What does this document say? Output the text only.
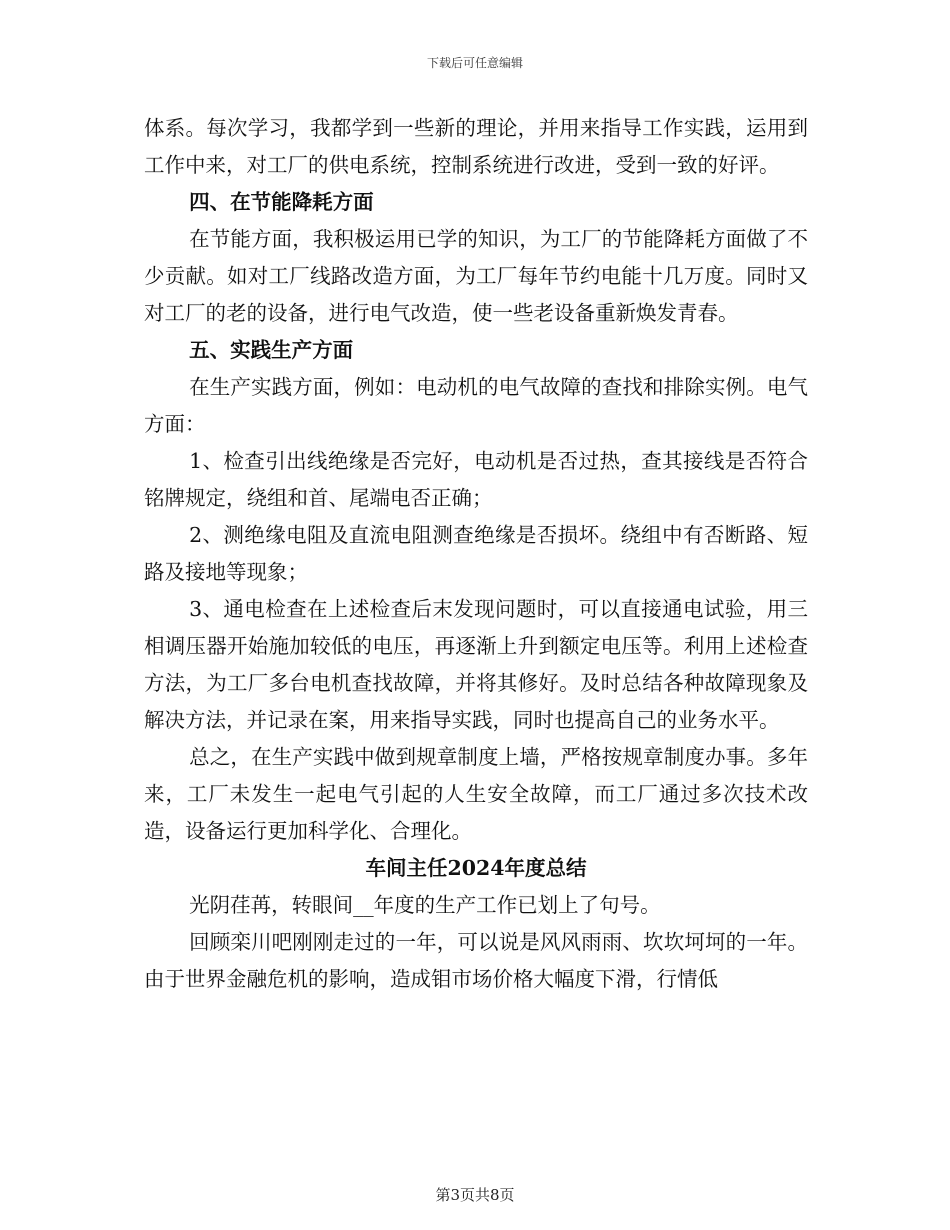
下载后可任意编辑

体系。每次学习，我都学到一些新的理论，并用来指导工作实践，运用到工作中来，对工厂的供电系统，控制系统进行改进，受到一致的好评。

四、在节能降耗方面

在节能方面，我积极运用已学的知识，为工厂的节能降耗方面做了不少贡献。如对工厂线路改造方面，为工厂每年节约电能十几万度。同时又对工厂的老的设备，进行电气改造，使一些老设备重新焕发青春。

五、实践生产方面

在生产实践方面，例如：电动机的电气故障的查找和排除实例。电气方面：

1、检查引出线绝缘是否完好，电动机是否过热，查其接线是否符合铭牌规定，绕组和首、尾端电否正确；

2、测绝缘电阻及直流电阻测查绝缘是否损坏。绕组中有否断路、短路及接地等现象；

3、通电检查在上述检查后末发现问题时，可以直接通电试验，用三相调压器开始施加较低的电压，再逐渐上升到额定电压等。利用上述检查方法，为工厂多台电机查找故障，并将其修好。及时总结各种故障现象及解决方法，并记录在案，用来指导实践，同时也提高自己的业务水平。

总之，在生产实践中做到规章制度上墙，严格按规章制度办事。多年来，工厂未发生一起电气引起的人生安全故障，而工厂通过多次技术改造，设备运行更加科学化、合理化。

车间主任2024年度总结

光阴荏苒，转眼间__年度的生产工作已划上了句号。

回顾栾川吧刚刚走过的一年，可以说是风风雨雨、坎坎坷坷的一年。由于世界金融危机的影响，造成钼市场价格大幅度下滑，行情低

第3页共8页
